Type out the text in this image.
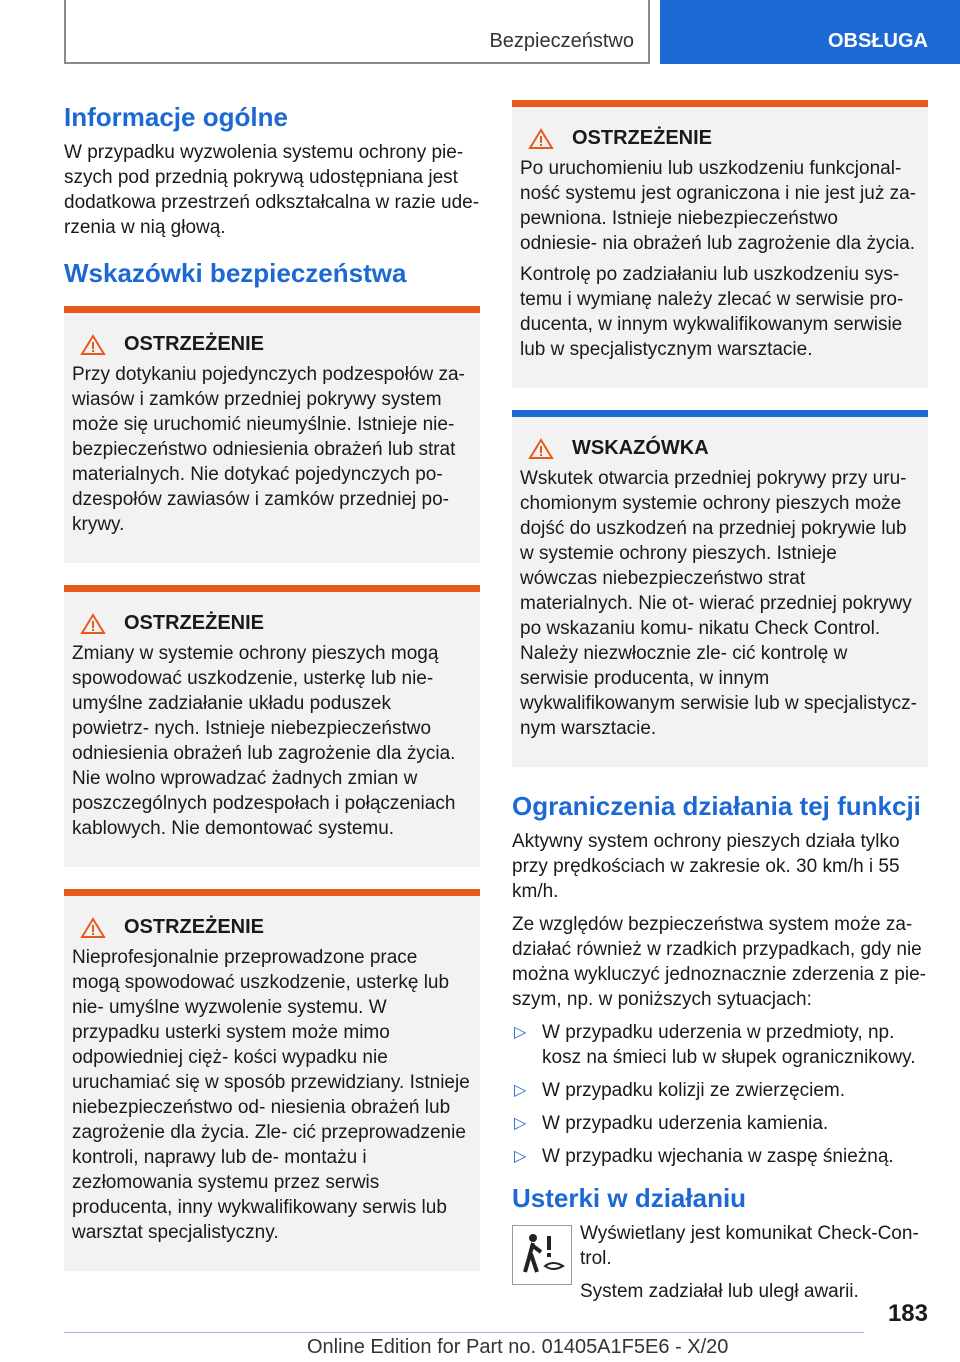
Bezpieczeństwo	OBSŁUGA
Informacje ogólne

W przypadku wyzwolenia systemu ochrony pie‐ szych pod przednią pokrywą udostępniana jest dodatkowa przestrzeń odkształcalna w razie ude‐ rzenia w nią głową.

Wskazówki bezpieczeństwa
OSTRZEŻENIE

Przy dotykaniu pojedynczych podzespołów za‐ wiasów i zamków przedniej pokrywy system może się uruchomić nieumyślnie. Istnieje nie‐ bezpieczeństwo odniesienia obrażeń lub strat materialnych. Nie dotykać pojedynczych po‐ dzespołów zawiasów i zamków przedniej po‐ krywy.

OSTRZEŻENIE

Zmiany w systemie ochrony pieszych mogą spowodować uszkodzenie, usterkę lub nie‐ umyślne zadziałanie układu poduszek powietrz‐ nych. Istnieje niebezpieczeństwo odniesienia obrażeń lub zagrożenie dla życia. Nie wolno wprowadzać żadnych zmian w poszczególnych podzespołach i połączeniach kablowych. Nie demontować systemu.

OSTRZEŻENIE

Nieprofesjonalnie przeprowadzone prace mogą spowodować uszkodzenie, usterkę lub nie‐ umyślne wyzwolenie systemu. W przypadku usterki system może mimo odpowiedniej cięż‐ kości wypadku nie uruchamiać się w sposób przewidziany. Istnieje niebezpieczeństwo od‐ niesienia obrażeń lub zagrożenie dla życia. Zle‐ cić przeprowadzenie kontroli, naprawy lub de‐ montażu i zezłomowania systemu przez serwis producenta, inny wykwalifikowany serwis lub warsztat specjalistyczny.

OSTRZEŻENIE

Po uruchomieniu lub uszkodzeniu funkcjonal‐ ność systemu jest ograniczona i nie jest już za‐ pewniona. Istnieje niebezpieczeństwo odniesie‐ nia obrażeń lub zagrożenie dla życia.

Kontrolę po zadziałaniu lub uszkodzeniu sys‐ temu i wymianę należy zlecać w serwisie pro‐ ducenta, w innym wykwalifikowanym serwisie lub w specjalistycznym warsztacie.

WSKAZÓWKA

Wskutek otwarcia przedniej pokrywy przy uru‐ chomionym systemie ochrony pieszych może dojść do uszkodzeń na przedniej pokrywie lub w systemie ochrony pieszych. Istnieje wówczas niebezpieczeństwo strat materialnych. Nie ot‐ wierać przedniej pokrywy po wskazaniu komu‐ nikatu Check Control. Należy niezwłocznie zle‐ cić kontrolę w serwisie producenta, w innym wykwalifikowanym serwisie lub w specjalistycz‐ nym warsztacie.

Ograniczenia działania tej funkcji

Aktywny system ochrony pieszych działa tylko przy prędkościach w zakresie ok. 30 km/h i 55 km/h.

Ze względów bezpieczeństwa system może za‐ działać również w rzadkich przypadkach, gdy nie można wykluczyć jednoznacznie zderzenia z pie‐ szym, np. w poniższych sytuacjach:

▷ W przypadku uderzenia w przedmioty, np. kosz na śmieci lub w słupek ogranicznikowy.
▷ W przypadku kolizji ze zwierzęciem.
▷ W przypadku uderzenia kamienia.
▷ W przypadku wjechania w zaspę śnieżną.
Usterki w działaniu

Wyświetlany jest komunikat Check-Con‐ trol.

System zadziałał lub uległ awarii.

183
Online Edition for Part no. 01405A1F5E6 - X/20
